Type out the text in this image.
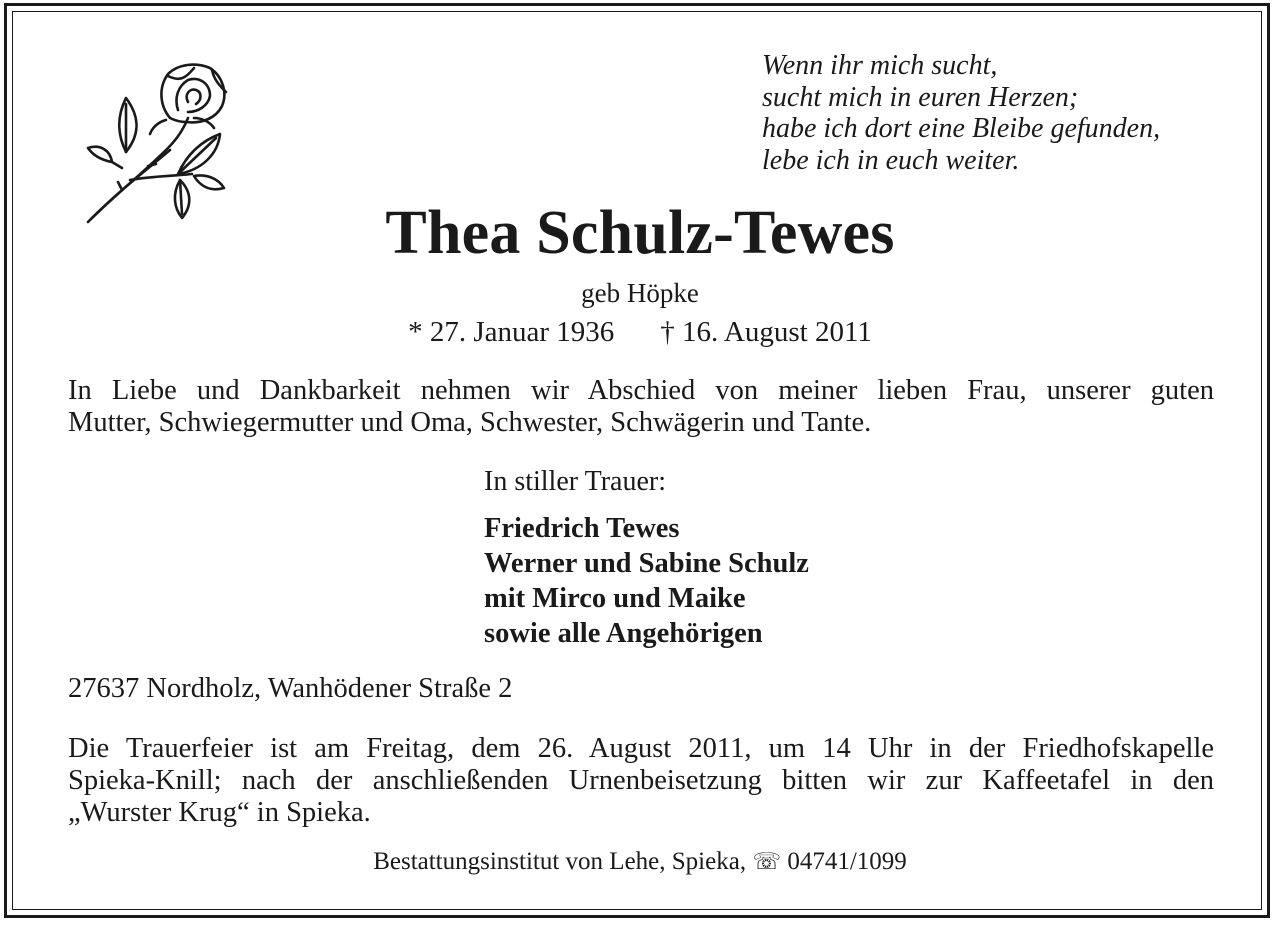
Wenn ihr mich sucht,
sucht mich in euren Herzen;
habe ich dort eine Bleibe gefunden,
lebe ich in euch weiter.
Thea Schulz-Tewes
geb Höpke
* 27. Januar 1936 † 16. August 2011
In Liebe und Dankbarkeit nehmen wir Abschied von meiner lieben Frau, unserer guten
Mutter, Schwiegermutter und Oma, Schwester, Schwägerin und Tante.
In stiller Trauer:
Friedrich Tewes
Werner und Sabine Schulz
mit Mirco und Maike
sowie alle Angehörigen
27637 Nordholz, Wanhödener Straße 2
Die Trauerfeier ist am Freitag, dem 26. August 2011, um 14 Uhr in der Friedhofskapelle
Spieka-Knill; nach der anschließenden Urnenbeisetzung bitten wir zur Kaffeetafel in den
„Wurster Krug“ in Spieka.
Bestattungsinstitut von Lehe, Spieka, ☏ 04741/1099
